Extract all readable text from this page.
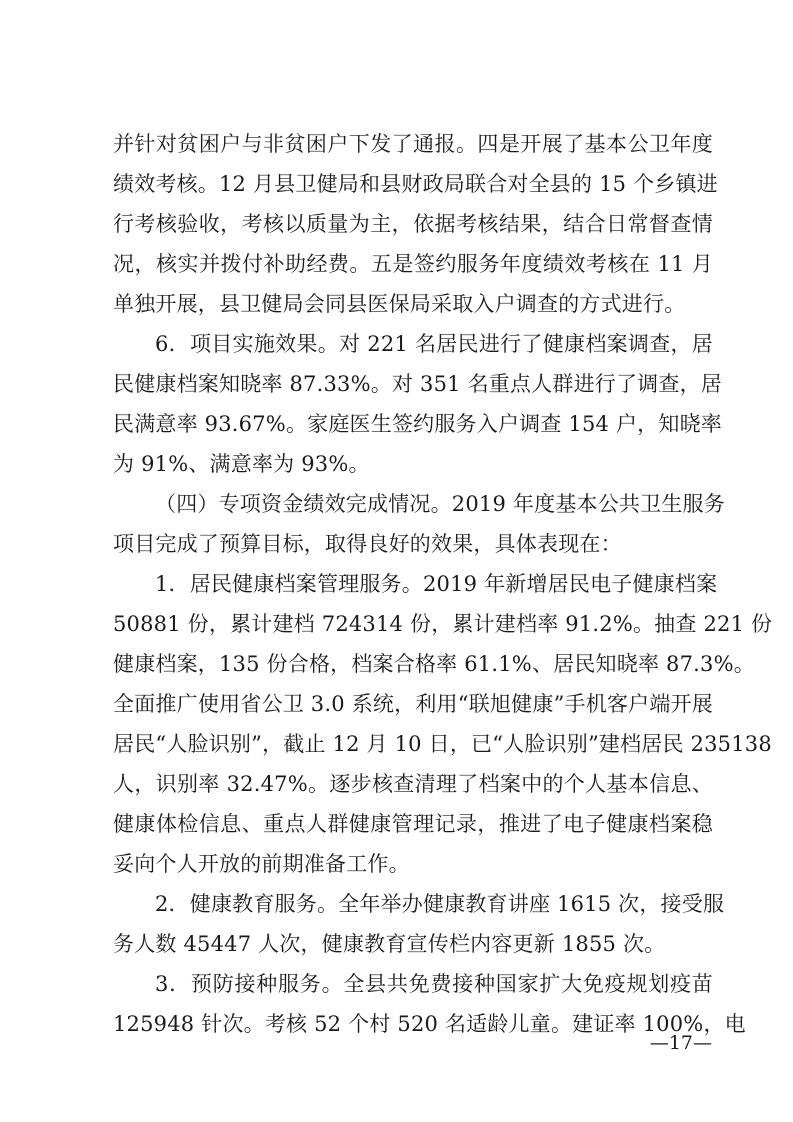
并针对贫困户与非贫困户下发了通报。四是开展了基本公卫年度
绩效考核。12 月县卫健局和县财政局联合对全县的 15 个乡镇进
行考核验收，考核以质量为主，依据考核结果，结合日常督查情
况，核实并拨付补助经费。五是签约服务年度绩效考核在 11 月
单独开展，县卫健局会同县医保局采取入户调查的方式进行。
6．项目实施效果。对 221 名居民进行了健康档案调查，居
民健康档案知晓率 87.33%。对 351 名重点人群进行了调查，居
民满意率 93.67%。家庭医生签约服务入户调查 154 户，知晓率
为 91%、满意率为 93%。
（四）专项资金绩效完成情况。2019 年度基本公共卫生服务
项目完成了预算目标，取得良好的效果，具体表现在：
1．居民健康档案管理服务。2019 年新增居民电子健康档案
50881 份，累计建档 724314 份，累计建档率 91.2%。抽查 221 份
健康档案，135 份合格，档案合格率 61.1%、居民知晓率 87.3%。
全面推广使用省公卫 3.0 系统，利用“联旭健康”手机客户端开展
居民“人脸识别”，截止 12 月 10 日，已“人脸识别”建档居民 235138
人，识别率 32.47%。逐步核查清理了档案中的个人基本信息、
健康体检信息、重点人群健康管理记录，推进了电子健康档案稳
妥向个人开放的前期准备工作。
2．健康教育服务。全年举办健康教育讲座 1615 次，接受服
务人数 45447 人次，健康教育宣传栏内容更新 1855 次。
3．预防接种服务。全县共免费接种国家扩大免疫规划疫苗
125948 针次。考核 52 个村 520 名适龄儿童。建证率 100%，电
—17—
